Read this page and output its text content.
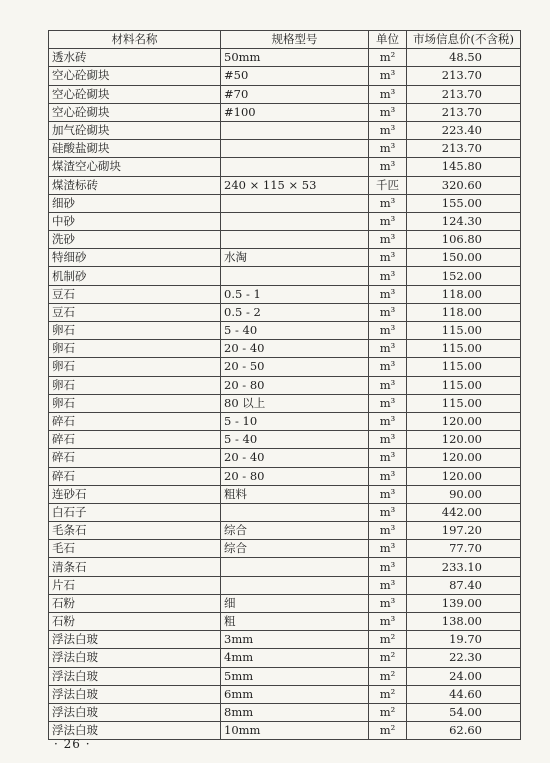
材料名称	规格型号	单位	市场信息价(不含税)
透水砖	50mm	m²	48.50
空心砼砌块	#50	m³	213.70
空心砼砌块	#70	m³	213.70
空心砼砌块	#100	m³	213.70
加气砼砌块		m³	223.40
硅酸盐砌块		m³	213.70
煤渣空心砌块		m³	145.80
煤渣标砖	240 × 115 × 53	千匹	320.60
细砂		m³	155.00
中砂		m³	124.30
洗砂		m³	106.80
特细砂	水淘	m³	150.00
机制砂		m³	152.00
豆石	0.5 - 1	m³	118.00
豆石	0.5 - 2	m³	118.00
卵石	5 - 40	m³	115.00
卵石	20 - 40	m³	115.00
卵石	20 - 50	m³	115.00
卵石	20 - 80	m³	115.00
卵石	80 以上	m³	115.00
碎石	5 - 10	m³	120.00
碎石	5 - 40	m³	120.00
碎石	20 - 40	m³	120.00
碎石	20 - 80	m³	120.00
连砂石	粗料	m³	90.00
白石子		m³	442.00
毛条石	综合	m³	197.20
毛石	综合	m³	77.70
清条石		m³	233.10
片石		m³	87.40
石粉	细	m³	139.00
石粉	粗	m³	138.00
浮法白玻	3mm	m²	19.70
浮法白玻	4mm	m²	22.30
浮法白玻	5mm	m²	24.00
浮法白玻	6mm	m²	44.60
浮法白玻	8mm	m²	54.00
浮法白玻	10mm	m²	62.60
· 26 ·
